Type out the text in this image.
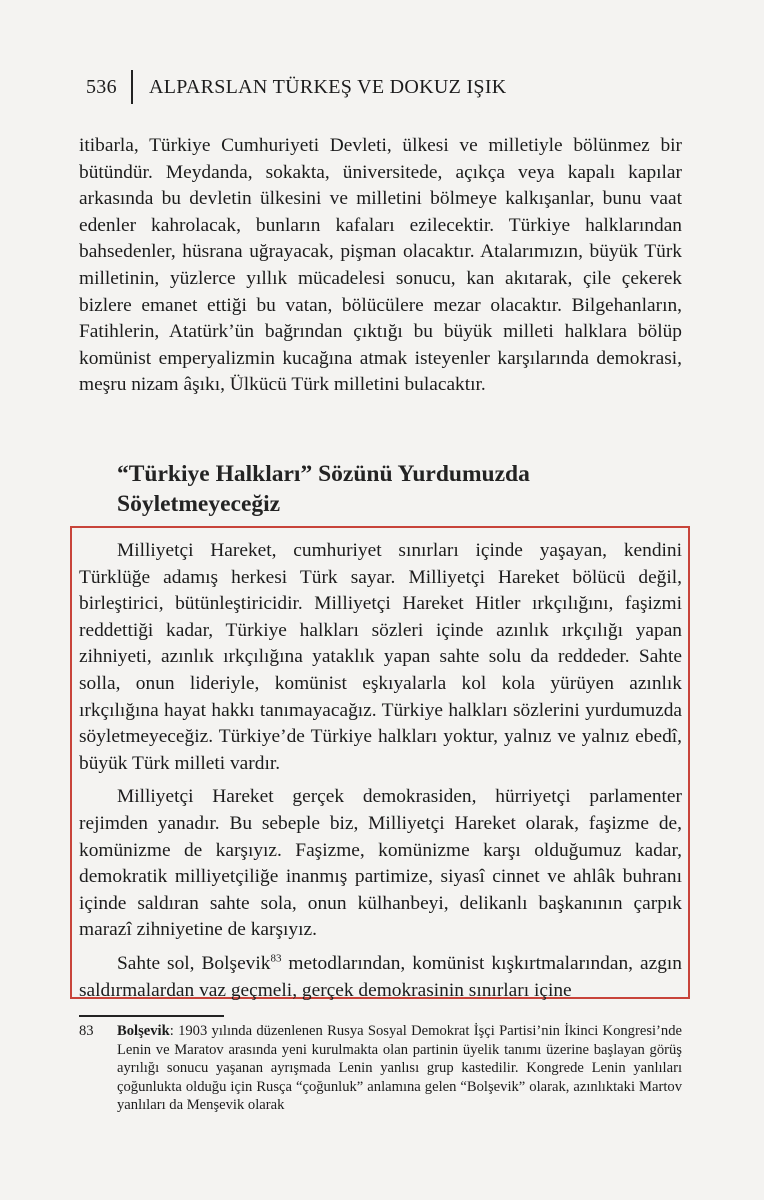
536	ALPARSLAN TÜRKEŞ VE DOKUZ IŞIK

itibarla, Türkiye Cumhuriyeti Devleti, ülkesi ve milletiyle bölünmez bir bütündür. Meydanda, sokakta, üniversitede, açıkça veya kapalı kapılar arkasında bu devletin ülkesini ve milletini bölmeye kalkışanlar, bunu vaat edenler kahrolacak, bunların kafaları ezilecektir. Türkiye halklarından bahsedenler, hüsrana uğrayacak, pişman olacaktır. Atalarımızın, büyük Türk milletinin, yüzlerce yıllık mücadelesi sonucu, kan akıtarak, çile çekerek bizlere emanet ettiği bu vatan, bölücülere mezar olacaktır. Bilgehanların, Fatihlerin, Atatürk’ün bağrından çıktığı bu büyük milleti halklara bölüp komünist emperyalizmin kucağına atmak isteyenler karşılarında demokrasi, meşru nizam âşıkı, Ülkücü Türk milletini bulacaktır.

“Türkiye Halkları” Sözünü Yurdumuzda Söyletmeyeceğiz

Milliyetçi Hareket, cumhuriyet sınırları içinde yaşayan, kendini Türklüğe adamış herkesi Türk sayar. Milliyetçi Hareket bölücü değil, birleştirici, bütünleştiricidir. Milliyetçi Hareket Hitler ırkçılığını, faşizmi reddettiği kadar, Türkiye halkları sözleri içinde azınlık ırkçılığı yapan zihniyeti, azınlık ırkçılığına yataklık yapan sahte solu da reddeder. Sahte solla, onun lideriyle, komünist eşkıyalarla kol kola yürüyen azınlık ırkçılığına hayat hakkı tanımayacağız. Türkiye halkları sözlerini yurdumuzda söyletmeyeceğiz. Türkiye’de Türkiye halkları yoktur, yalnız ve yalnız ebedî, büyük Türk milleti vardır.

Milliyetçi Hareket gerçek demokrasiden, hürriyetçi parlamenter rejimden yanadır. Bu sebeple biz, Milliyetçi Hareket olarak, faşizme de, komünizme de karşıyız. Faşizme, komünizme karşı olduğumuz kadar, demokratik milliyetçiliğe inanmış partimize, siyasî cinnet ve ahlâk buhranı içinde saldıran sahte sola, onun külhanbeyi, delikanlı başkanının çarpık marazî zihniyetine de karşıyız.

Sahte sol, Bolşevik$^{83}$ metodlarından, komünist kışkırtmalarından, azgın saldırmalardan vaz geçmeli, gerçek demokrasinin sınırları içine

83	Bolşevik: 1903 yılında düzenlenen Rusya Sosyal Demokrat İşçi Partisi’nin İkinci Kongresi’nde Lenin ve Maratov arasında yeni kurulmakta olan partinin üyelik tanımı üzerine başlayan görüş ayrılığı sonucu yaşanan ayrışmada Lenin yanlısı grup kastedilir. Kongrede Lenin yanlıları çoğunlukta olduğu için Rusça “çoğunluk” anlamına gelen “Bolşevik” olarak, azınlıktaki Martov yanlıları da Menşevik olarak
